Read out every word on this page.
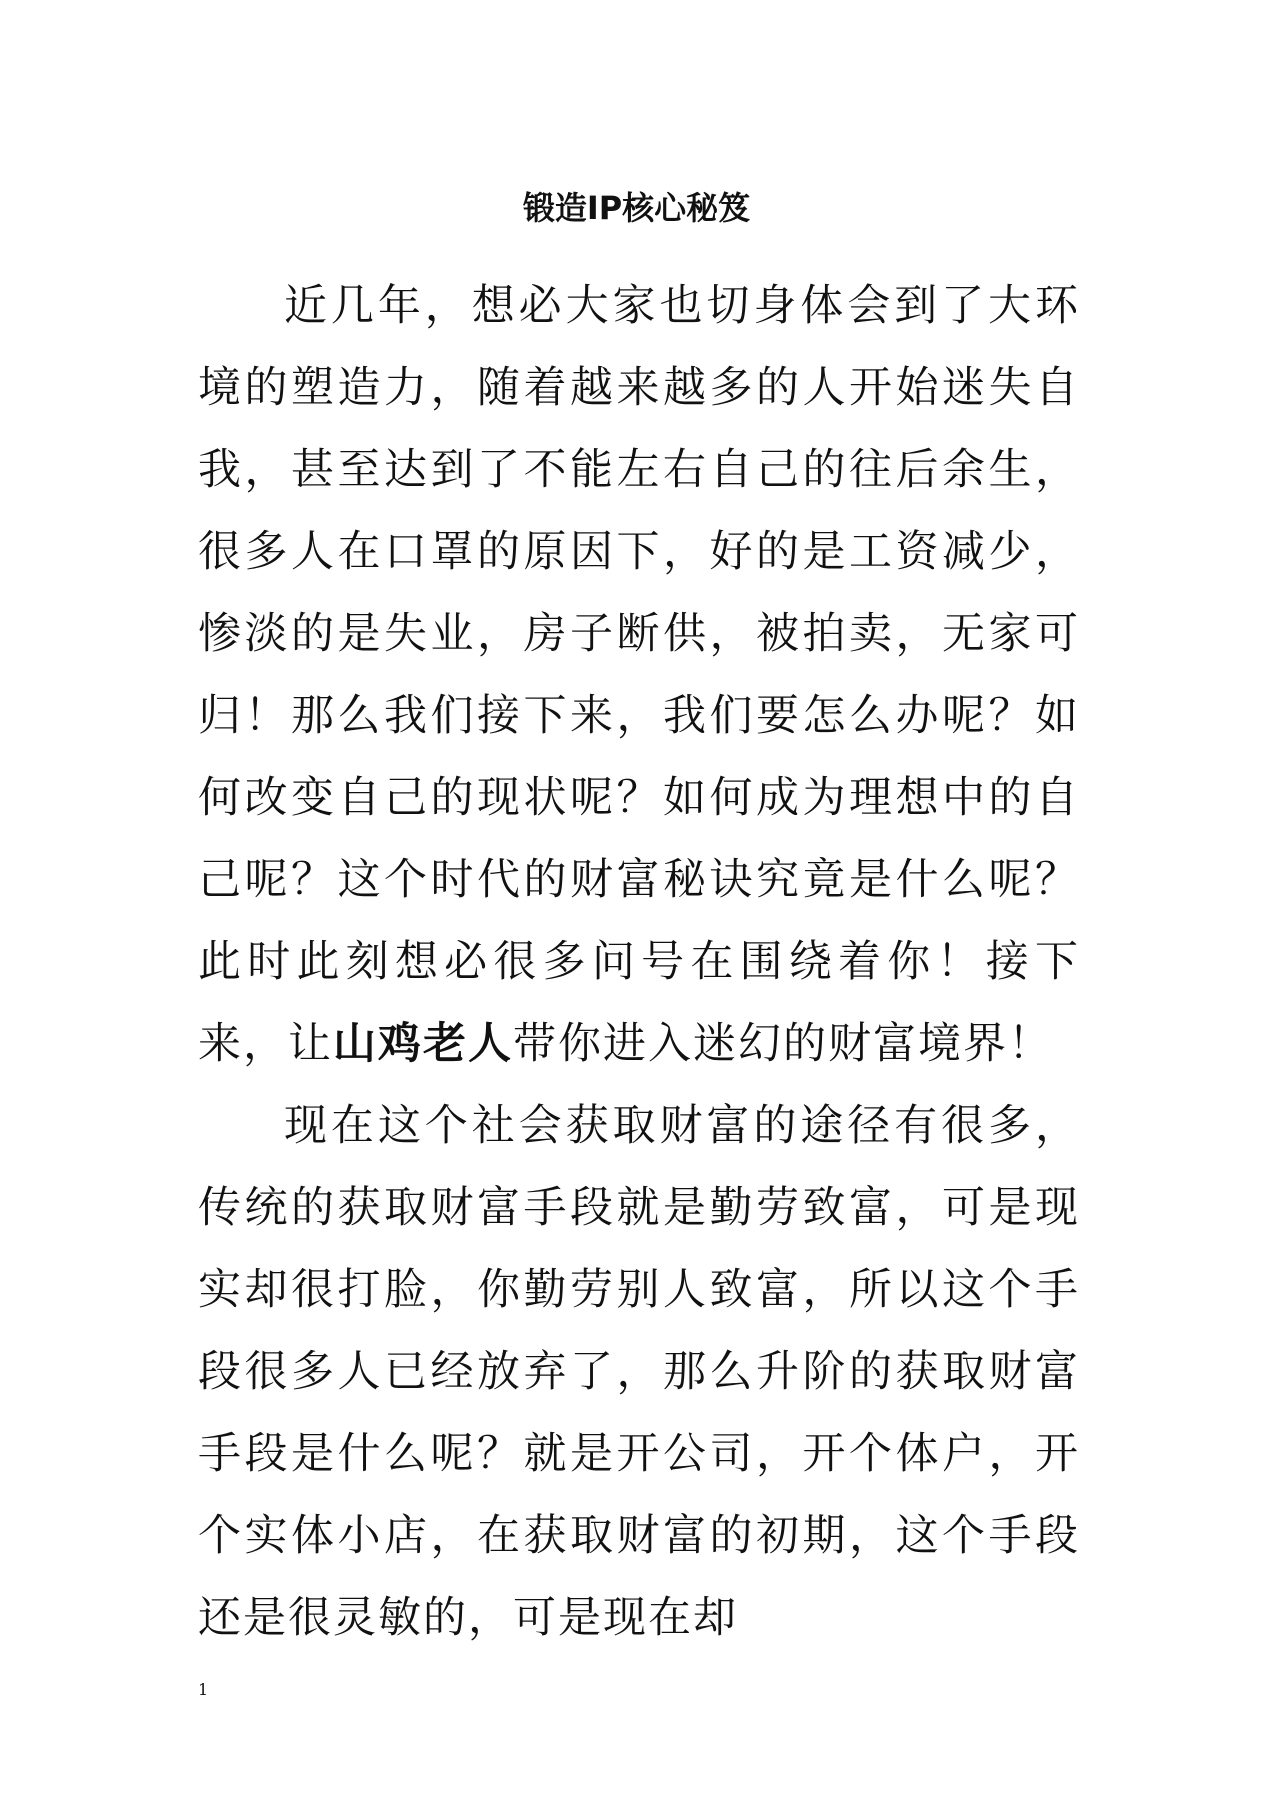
锻造IP核心秘笈

近几年，想必大家也切身体会到了大环境的塑造力，随着越来越多的人开始迷失自我，甚至达到了不能左右自己的往后余生，很多人在口罩的原因下，好的是工资减少，惨淡的是失业，房子断供，被拍卖，无家可归！那么我们接下来，我们要怎么办呢？如何改变自己的现状呢？如何成为理想中的自己呢？这个时代的财富秘诀究竟是什么呢？此时此刻想必很多问号在围绕着你！接下来，让山鸡老人带你进入迷幻的财富境界！

现在这个社会获取财富的途径有很多，传统的获取财富手段就是勤劳致富，可是现实却很打脸，你勤劳别人致富，所以这个手段很多人已经放弃了，那么升阶的获取财富手段是什么呢？就是开公司，开个体户，开个实体小店，在获取财富的初期，这个手段还是很灵敏的，可是现在却

1
